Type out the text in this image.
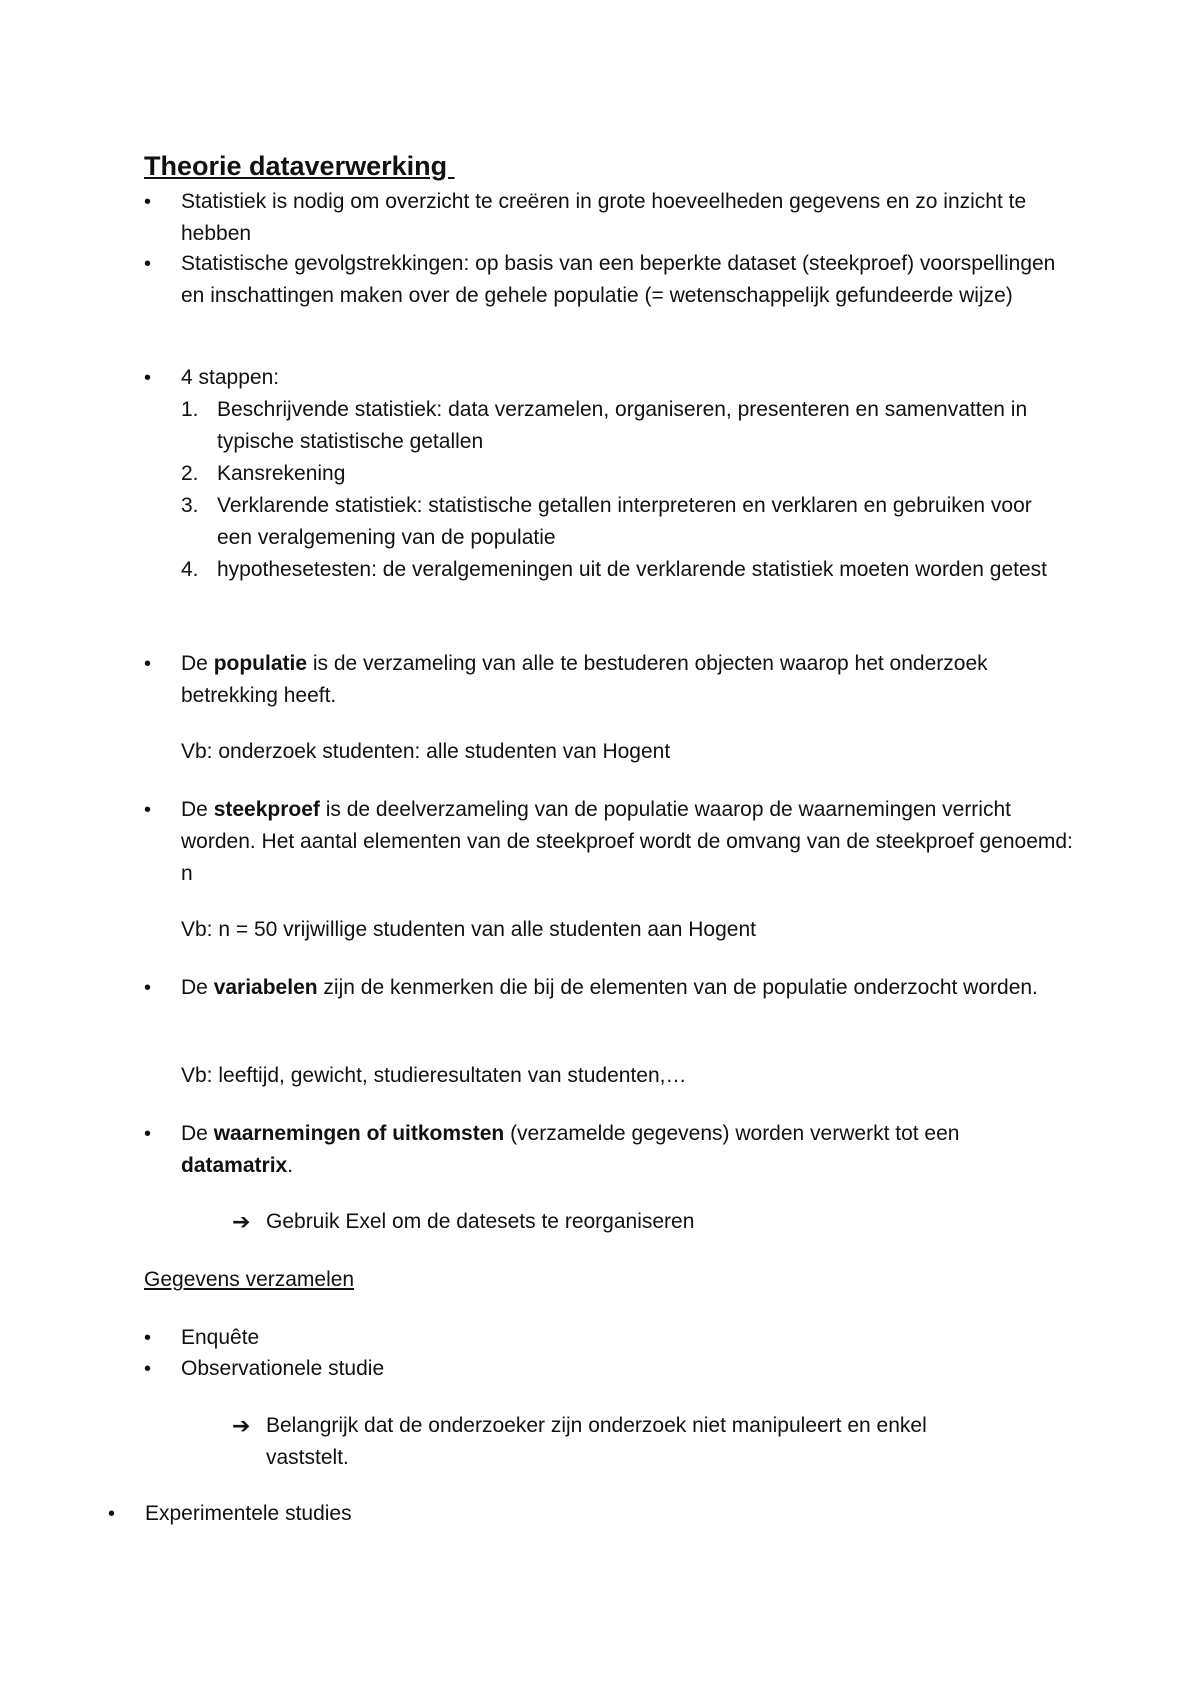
Theorie dataverwerking
•	Statistiek is nodig om overzicht te creëren in grote hoeveelheden gegevens en zo inzicht te hebben
•	Statistische gevolgstrekkingen: op basis van een beperkte dataset (steekproef) voorspellingen en inschattingen maken over de gehele populatie (= wetenschappelijk gefundeerde wijze)
•	4 stappen:
1. Beschrijvende statistiek: data verzamelen, organiseren, presenteren en samenvatten in typische statistische getallen
2. Kansrekening
3. Verklarende statistiek: statistische getallen interpreteren en verklaren en gebruiken voor een veralgemening van de populatie
4. hypothesetesten: de veralgemeningen uit de verklarende statistiek moeten worden getest
•	De populatie is de verzameling van alle te bestuderen objecten waarop het onderzoek betrekking heeft.
Vb: onderzoek studenten: alle studenten van Hogent
•	De steekproef is de deelverzameling van de populatie waarop de waarnemingen verricht worden. Het aantal elementen van de steekproef wordt de omvang van de steekproef genoemd: n
Vb: n = 50 vrijwillige studenten van alle studenten aan Hogent
•	De variabelen zijn de kenmerken die bij de elementen van de populatie onderzocht worden.
Vb: leeftijd, gewicht, studieresultaten van studenten,…
•	De waarnemingen of uitkomsten (verzamelde gegevens) worden verwerkt tot een datamatrix.
➔ Gebruik Exel om de datesets te reorganiseren
Gegevens verzamelen
•	Enquête
•	Observationele studie
➔ Belangrijk dat de onderzoeker zijn onderzoek niet manipuleert en enkel vaststelt.
• Experimentele studies
